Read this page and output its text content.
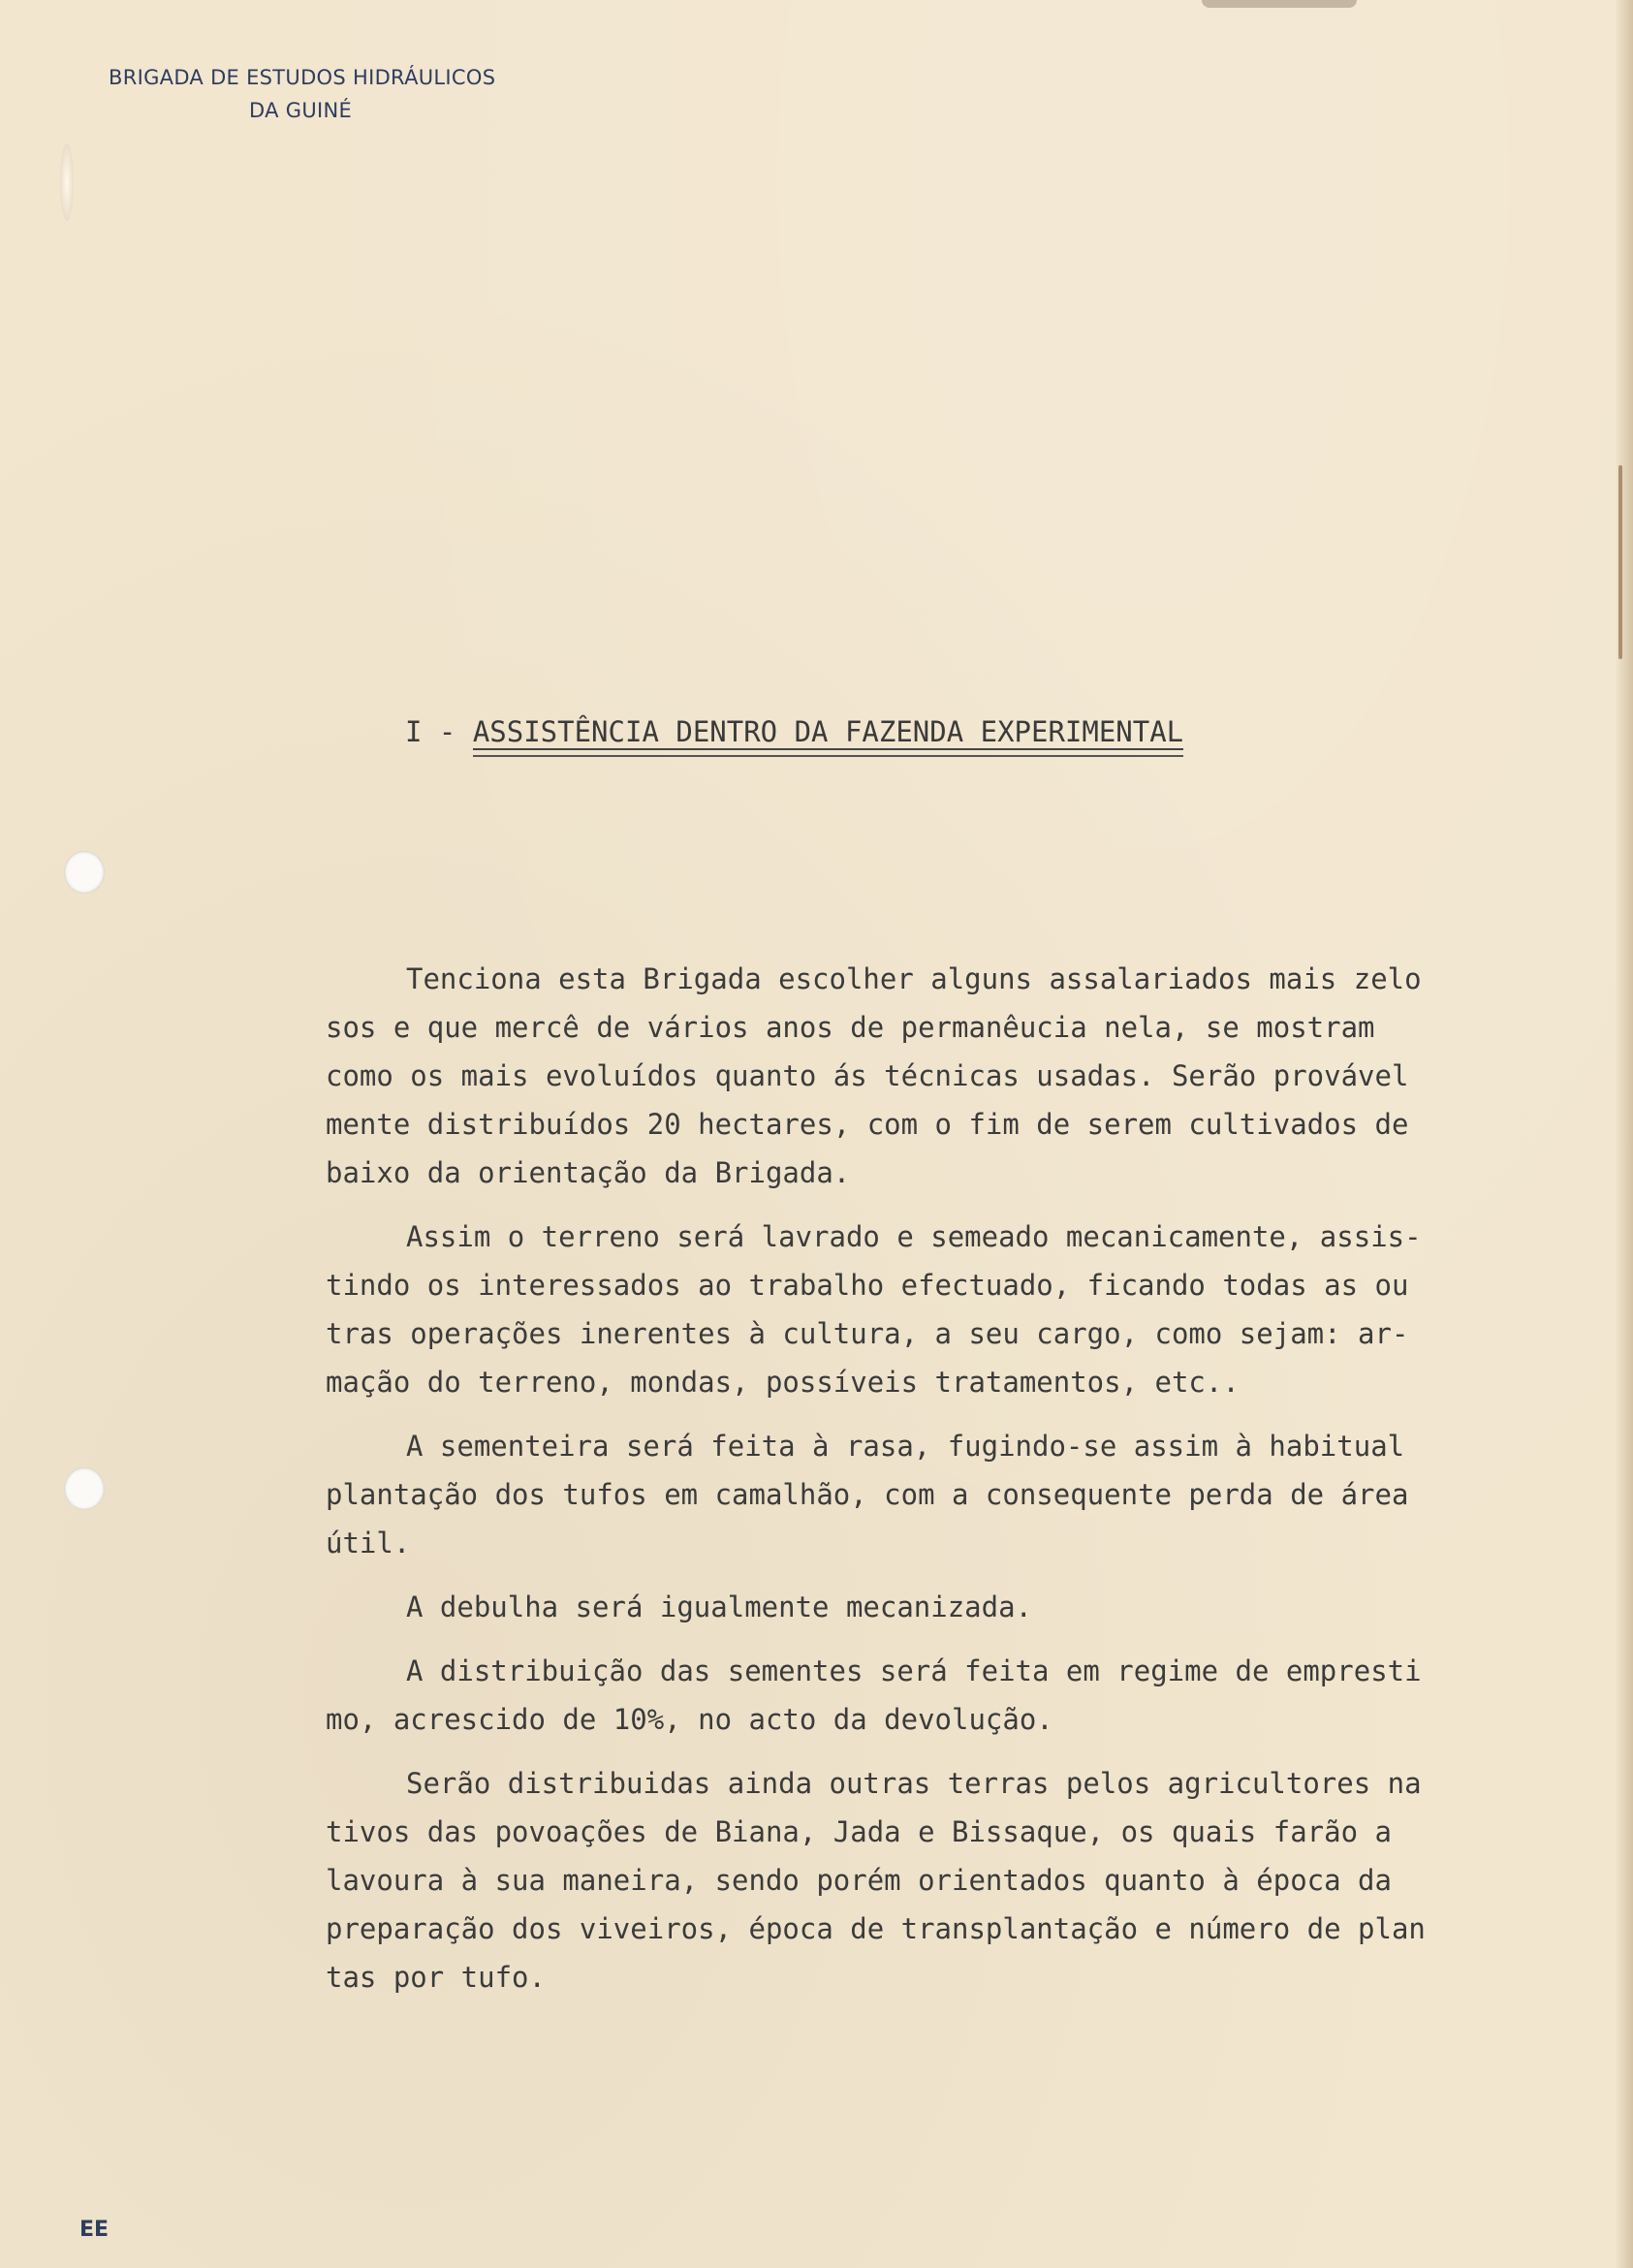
BRIGADA DE ESTUDOS HIDRÁULICOS
DA GUINÉ
I - ASSISTÊNCIA DENTRO DA FAZENDA EXPERIMENTAL
Tenciona esta Brigada escolher alguns assalariados mais zelo
sos e que mercê de vários anos de permanêucia nela, se mostram
como os mais evoluídos quanto ás técnicas usadas. Serão provável
mente distribuídos 20 hectares, com o fim de serem cultivados de
baixo da orientação da Brigada.
Assim o terreno será lavrado e semeado mecanicamente, assis-
tindo os interessados ao trabalho efectuado, ficando todas as ou
tras operações inerentes à cultura, a seu cargo, como sejam: ar-
mação do terreno, mondas, possíveis tratamentos, etc..
A sementeira será feita à rasa, fugindo-se assim à habitual
plantação dos tufos em camalhão, com a consequente perda de área
útil.
A debulha será igualmente mecanizada.
A distribuição das sementes será feita em regime de empresti
mo, acrescido de 10%, no acto da devolução.
Serão distribuidas ainda outras terras pelos agricultores na
tivos das povoações de Biana, Jada e Bissaque, os quais farão a
lavoura à sua maneira, sendo porém orientados quanto à época da
preparação dos viveiros, época de transplantação e número de plan
tas por tufo.
EE
